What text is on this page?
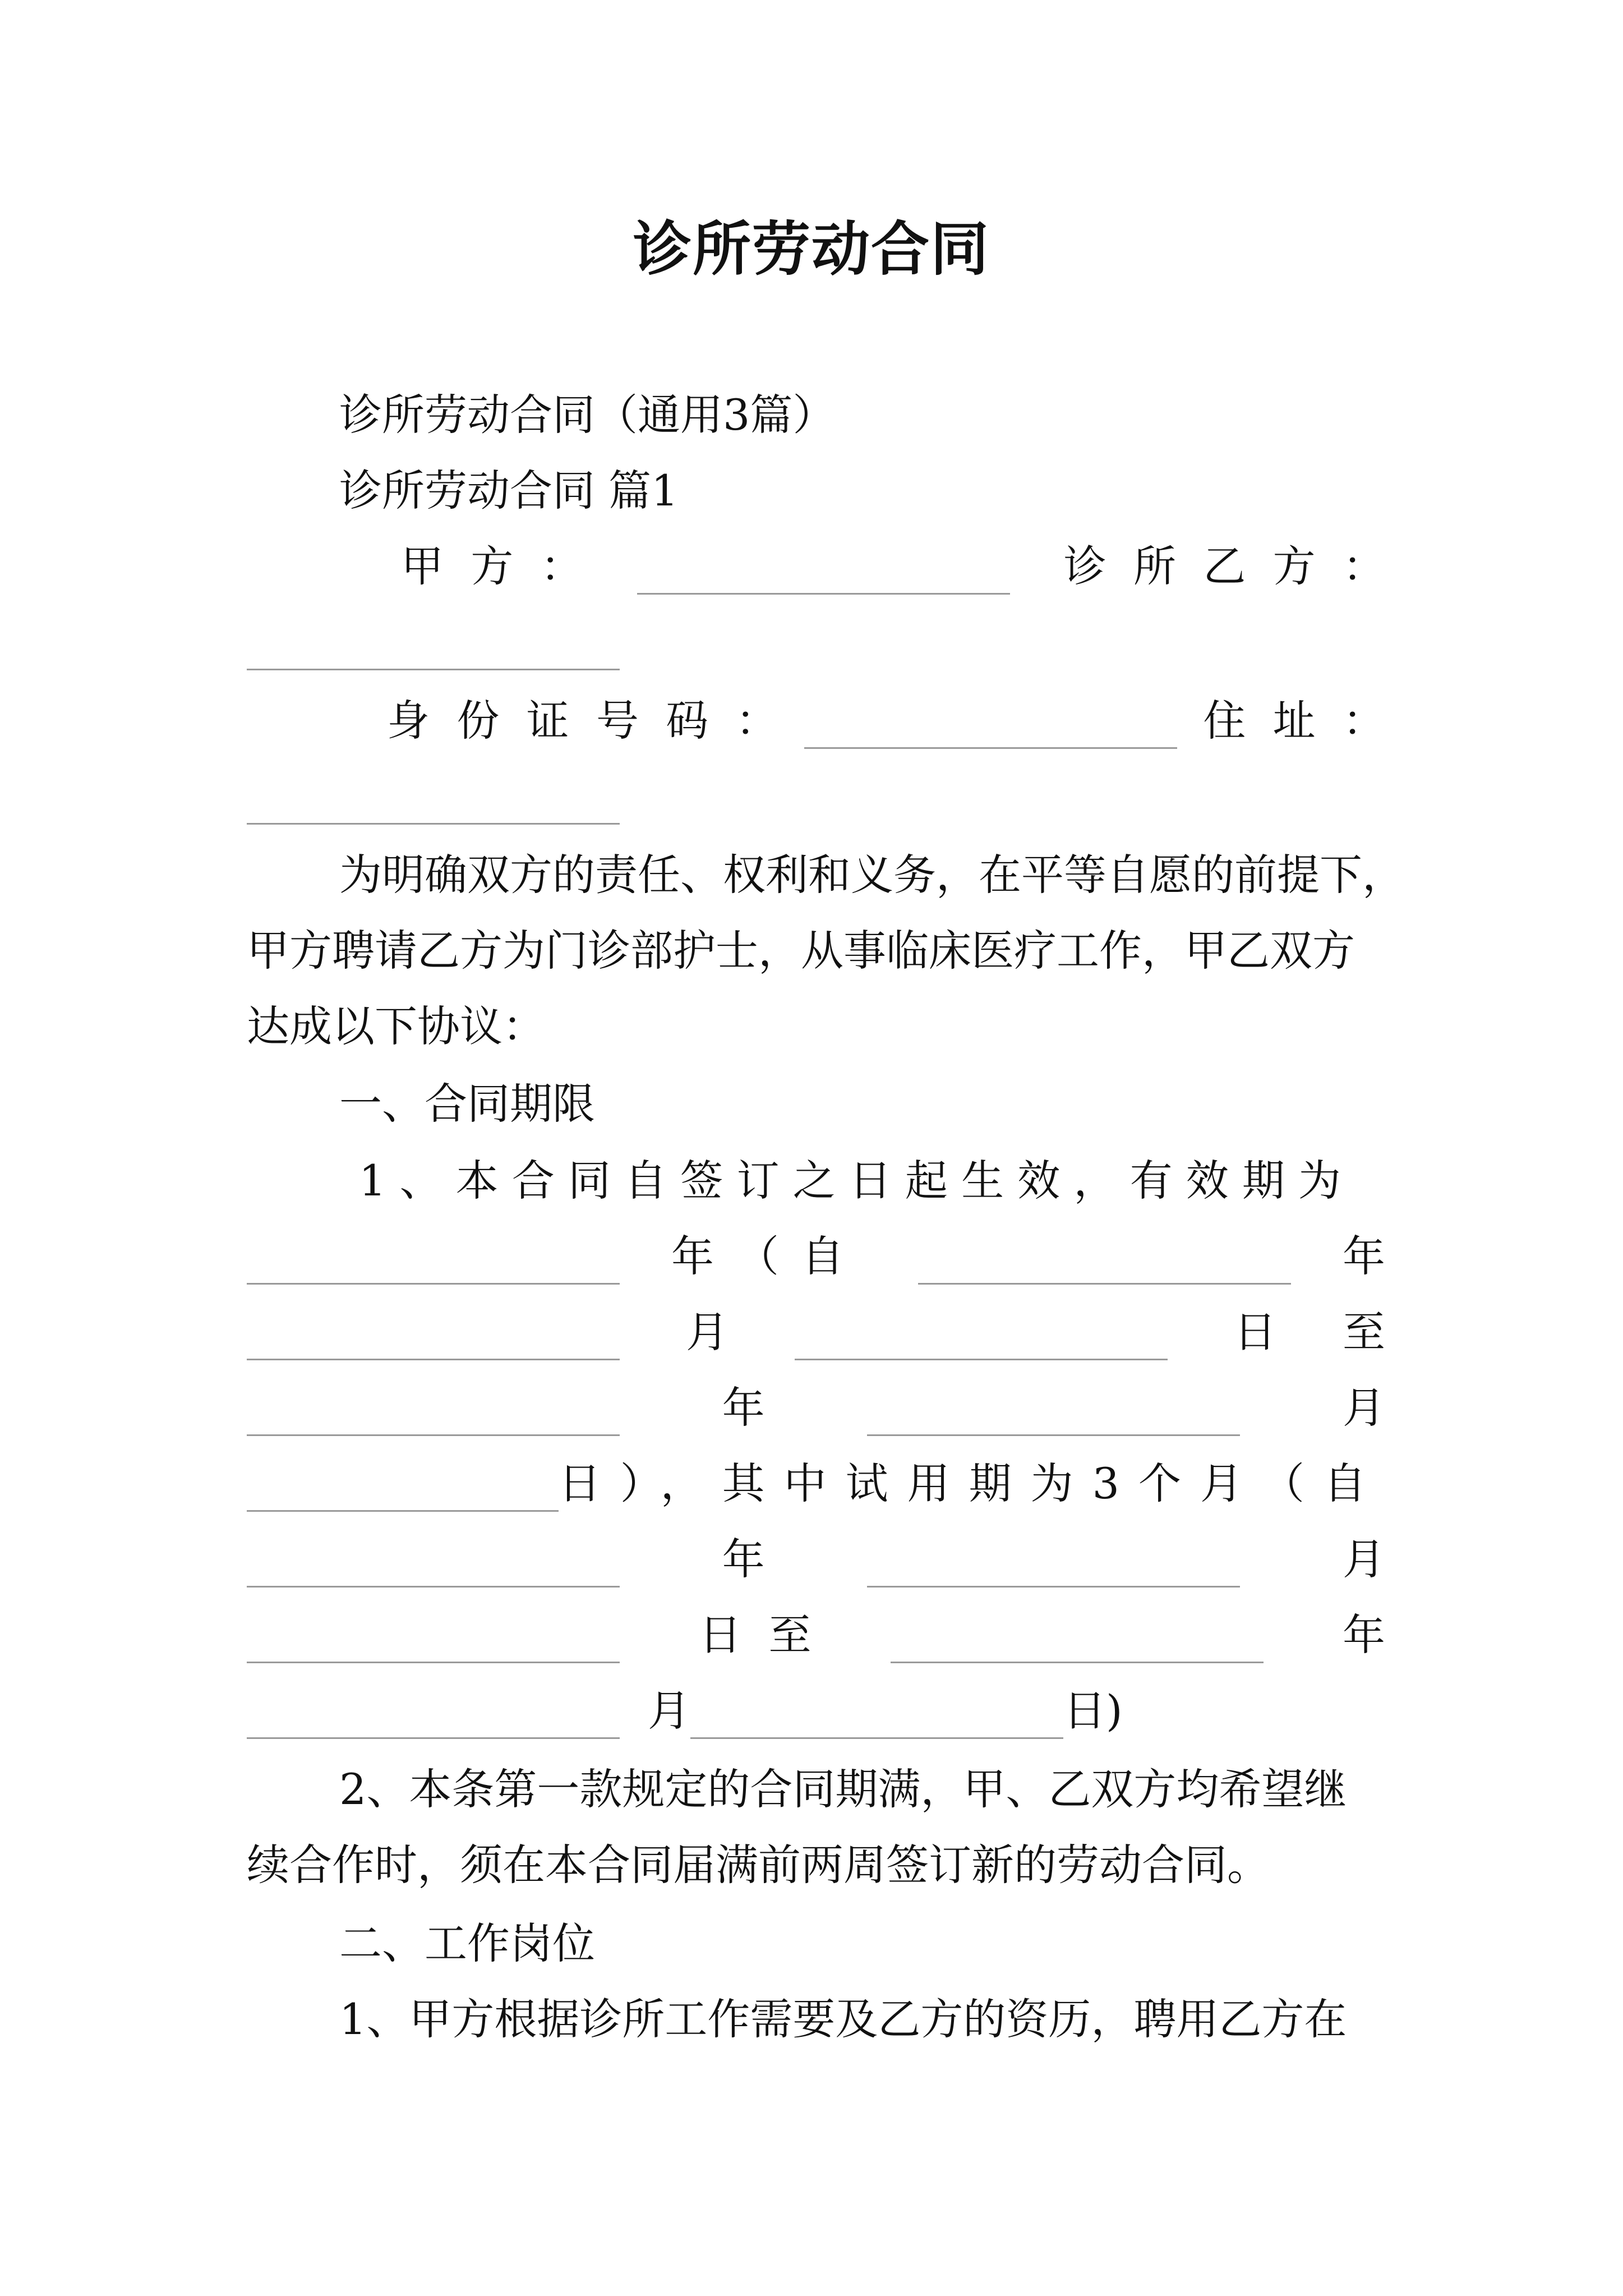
诊所劳动合同
诊所劳动合同（通用3篇）
诊所劳动合同 篇1
甲  方  ：	诊  所  乙  方  ：
身  份  证  号  码  ：	住  址  ：
为明确双方的责任、权利和义务，在平等自愿的前提下，
甲方聘请乙方为门诊部护士，从事临床医疗工作，甲乙双方
达成以下协议：
一、合同期限
1 、 本 合 同 自 签 订 之 日 起 生 效 ， 有 效 期 为
年（自	年
月	日 至
年	月
日），其中试用期为3个月（自
年	月
日  至	年
月	日)
2、本条第一款规定的合同期满，甲、乙双方均希望继
续合作时，须在本合同届满前两周签订新的劳动合同。
二、工作岗位
1、甲方根据诊所工作需要及乙方的资历，聘用乙方在
